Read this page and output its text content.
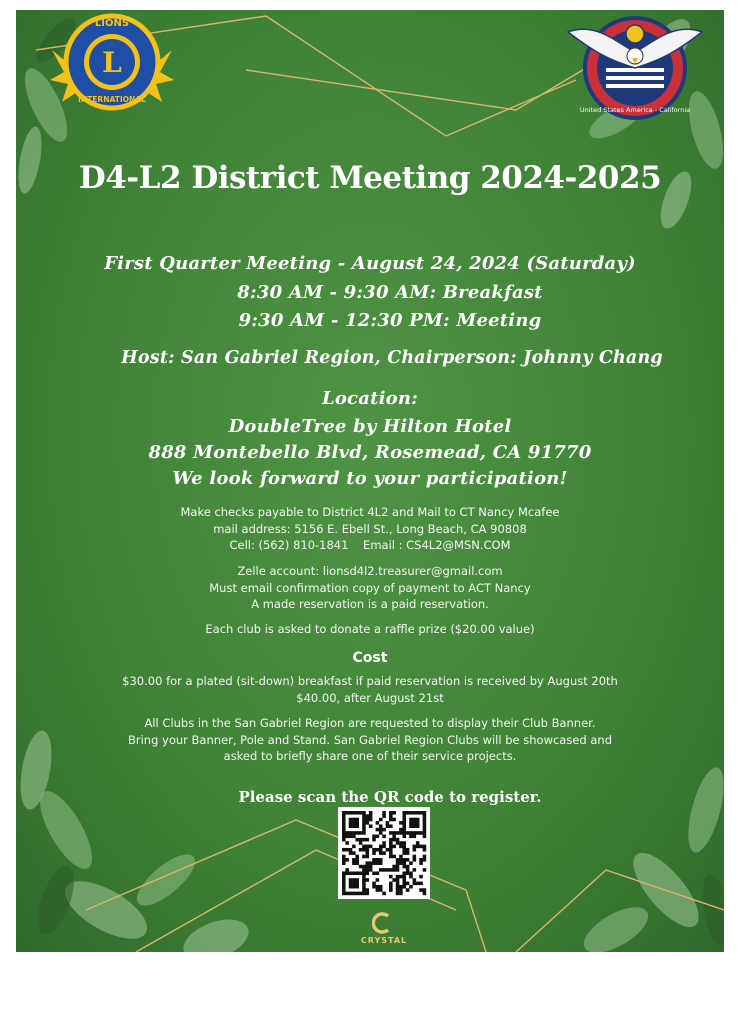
L
LIONS
INTERNATIONAL
United States America - California
D4-L2 District Meeting 2024-2025
First Quarter Meeting - August 24, 2024 (Saturday)
8:30 AM - 9:30 AM: Breakfast
9:30 AM - 12:30 PM: Meeting
Host: San Gabriel Region, Chairperson: Johnny Chang
Location:
DoubleTree by Hilton Hotel
888 Montebello Blvd, Rosemead, CA 91770
We look forward to your participation!
Make checks payable to District 4L2 and Mail to CT Nancy Mcafee
mail address: 5156 E. Ebell St., Long Beach, CA 90808
Cell: (562) 810-1841    Email : CS4L2@MSN.COM
Zelle account: lionsd4l2.treasurer@gmail.com
Must email confirmation copy of payment to ACT Nancy
A made reservation is a paid reservation.
Each club is asked to donate a raffle prize ($20.00 value)
Cost
$30.00 for a plated (sit-down) breakfast if paid reservation is received by August 20th
$40.00, after August 21st
All Clubs in the San Gabriel Region are requested to display their Club Banner.
Bring your Banner, Pole and Stand. San Gabriel Region Clubs will be showcased and
asked to briefly share one of their service projects.
Please scan the QR code to register.
CRYSTAL
